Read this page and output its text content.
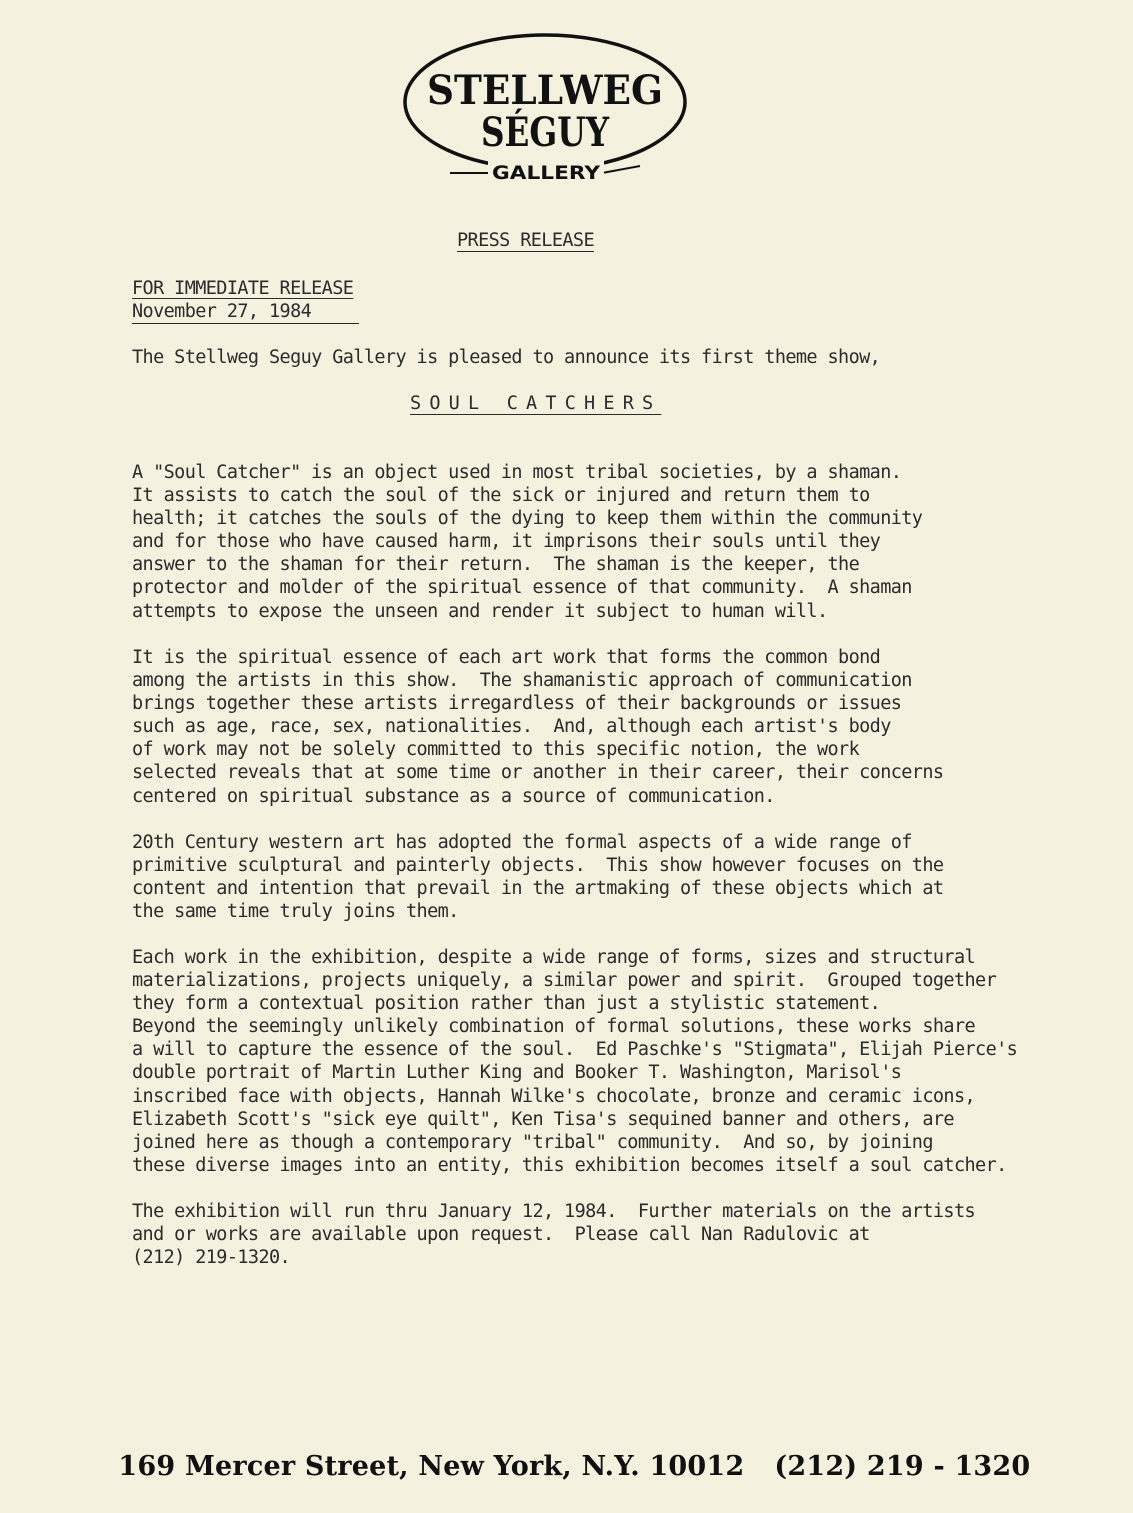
STELLWEG
SÉGUY
GALLERY
PRESS RELEASE
FOR IMMEDIATE RELEASE
November 27, 1984
The Stellweg Seguy Gallery is pleased to announce its first theme show,
SOUL CATCHERS
A "Soul Catcher" is an object used in most tribal societies, by a shaman.
It assists to catch the soul of the sick or injured and return them to
health; it catches the souls of the dying to keep them within the community
and for those who have caused harm, it imprisons their souls until they
answer to the shaman for their return.  The shaman is the keeper, the
protector and molder of the spiritual essence of that community.  A shaman
attempts to expose the unseen and render it subject to human will.
It is the spiritual essence of each art work that forms the common bond
among the artists in this show.  The shamanistic approach of communication
brings together these artists irregardless of their backgrounds or issues
such as age, race, sex, nationalities.  And, although each artist's body
of work may not be solely committed to this specific notion, the work
selected reveals that at some time or another in their career, their concerns
centered on spiritual substance as a source of communication.
20th Century western art has adopted the formal aspects of a wide range of
primitive sculptural and painterly objects.  This show however focuses on the
content and intention that prevail in the artmaking of these objects which at
the same time truly joins them.
Each work in the exhibition, despite a wide range of forms, sizes and structural
materializations, projects uniquely, a similar power and spirit.  Grouped together
they form a contextual position rather than just a stylistic statement.
Beyond the seemingly unlikely combination of formal solutions, these works share
a will to capture the essence of the soul.  Ed Paschke's "Stigmata", Elijah Pierce's
double portrait of Martin Luther King and Booker T. Washington, Marisol's
inscribed face with objects, Hannah Wilke's chocolate, bronze and ceramic icons,
Elizabeth Scott's "sick eye quilt", Ken Tisa's sequined banner and others, are
joined here as though a contemporary "tribal" community.  And so, by joining
these diverse images into an entity, this exhibition becomes itself a soul catcher.
The exhibition will run thru January 12, 1984.  Further materials on the artists
and or works are available upon request.  Please call Nan Radulovic at
(212) 219-1320.

169 Mercer Street, New York, N.Y. 10012 (212) 219 - 1320
